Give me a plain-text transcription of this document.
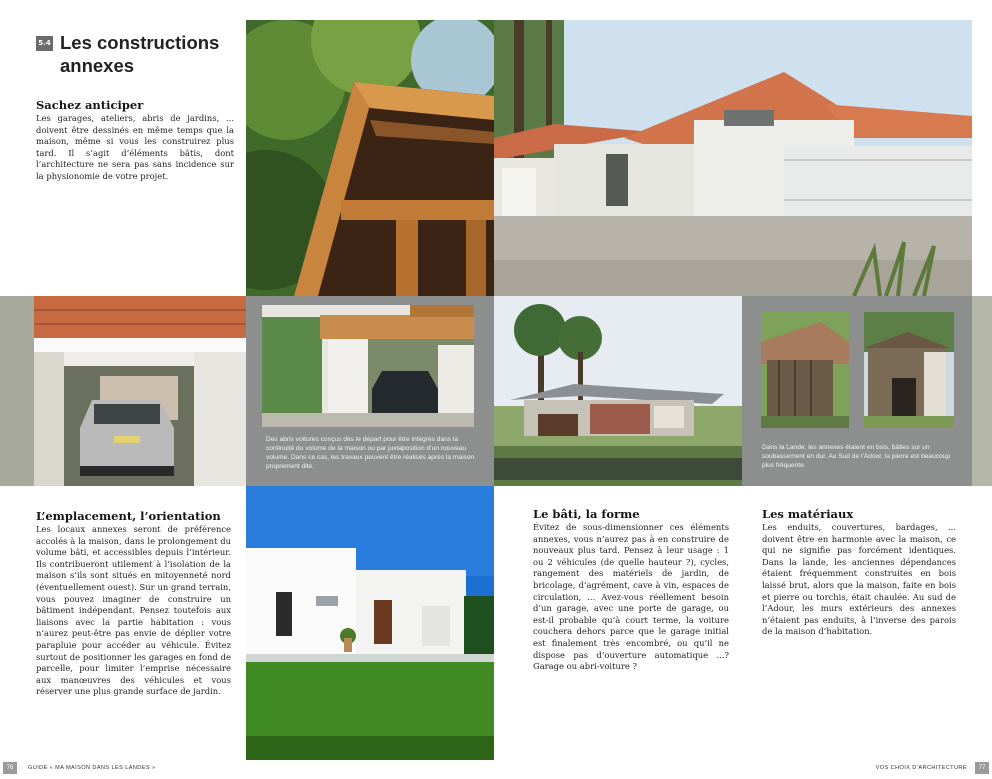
5.4 Les constructions annexes
Sachez anticiper
Les garages, ateliers, abris de jardins, ... doivent être dessinés en même temps que la maison, même si vous les construirez plus tard. Il s’agit d’éléments bâtis, dont l’architecture ne sera pas sans incidence sur la physionomie de votre projet.
Des abris voitures conçus dès le départ pour être intégrés dans la continuité du volume de la maison ou par juxtaposition d’un nouveau volume. Dans ce cas, les travaux peuvent être réalisés après la maison proprement dite.
Dans la Lande, les annexes étaient en bois, bâties sur un soubassement en dur. Au Sud de l’Adour, la pierre est beaucoup plus fréquente.
L’emplacement, l’orientation
Les locaux annexes seront de préférence accolés à la maison, dans le prolongement du volume bâti, et accessibles depuis l’intérieur. Ils contribueront utilement à l’isolation de la maison s’ils sont situés en mitoyenneté nord (éventuellement ouest). Sur un grand terrain, vous pouvez imaginer de construire un bâtiment indépendant. Pensez toutefois aux liaisons avec la partie habitation : vous n’aurez peut-être pas envie de déplier votre parapluie pour accéder au véhicule. Évitez surtout de positionner les garages en fond de parcelle, pour limiter l’emprise nécessaire aux manœuvres des véhicules et vous réserver une plus grande surface de jardin.
Le bâti, la forme
Évitez de sous-dimensionner ces éléments annexes, vous n’aurez pas à en construire de nouveaux plus tard. Pensez à leur usage : 1 ou 2 véhicules (de quelle hauteur ?), cycles, rangement des matériels de jardin, de bricolage, d’agrément, cave à vin, espaces de circulation, ... Avez-vous réellement besoin d’un garage, avec une porte de garage, ou est-il probable qu’à court terme, la voiture couchera dehors parce que le garage initial est finalement très encombré, ou qu’il ne dispose pas d’ouverture automatique ...? Garage ou abri-voiture ?
Les matériaux
Les enduits, couvertures, bardages, ... doivent être en harmonie avec la maison, ce qui ne signifie pas forcément identiques. Dans la lande, les anciennes dépendances étaient fréquemment construites en bois laissé brut, alors que la maison, faite en bois et pierre ou torchis, était chaulée. Au sud de l’Adour, les murs extérieurs des annexes n’étaient pas enduits, à l’inverse des parois de la maison d’habitation.
76	GUIDE « MA MAISON DANS LES LANDES »	VOS CHOIX D’ARCHITECTURE	77
